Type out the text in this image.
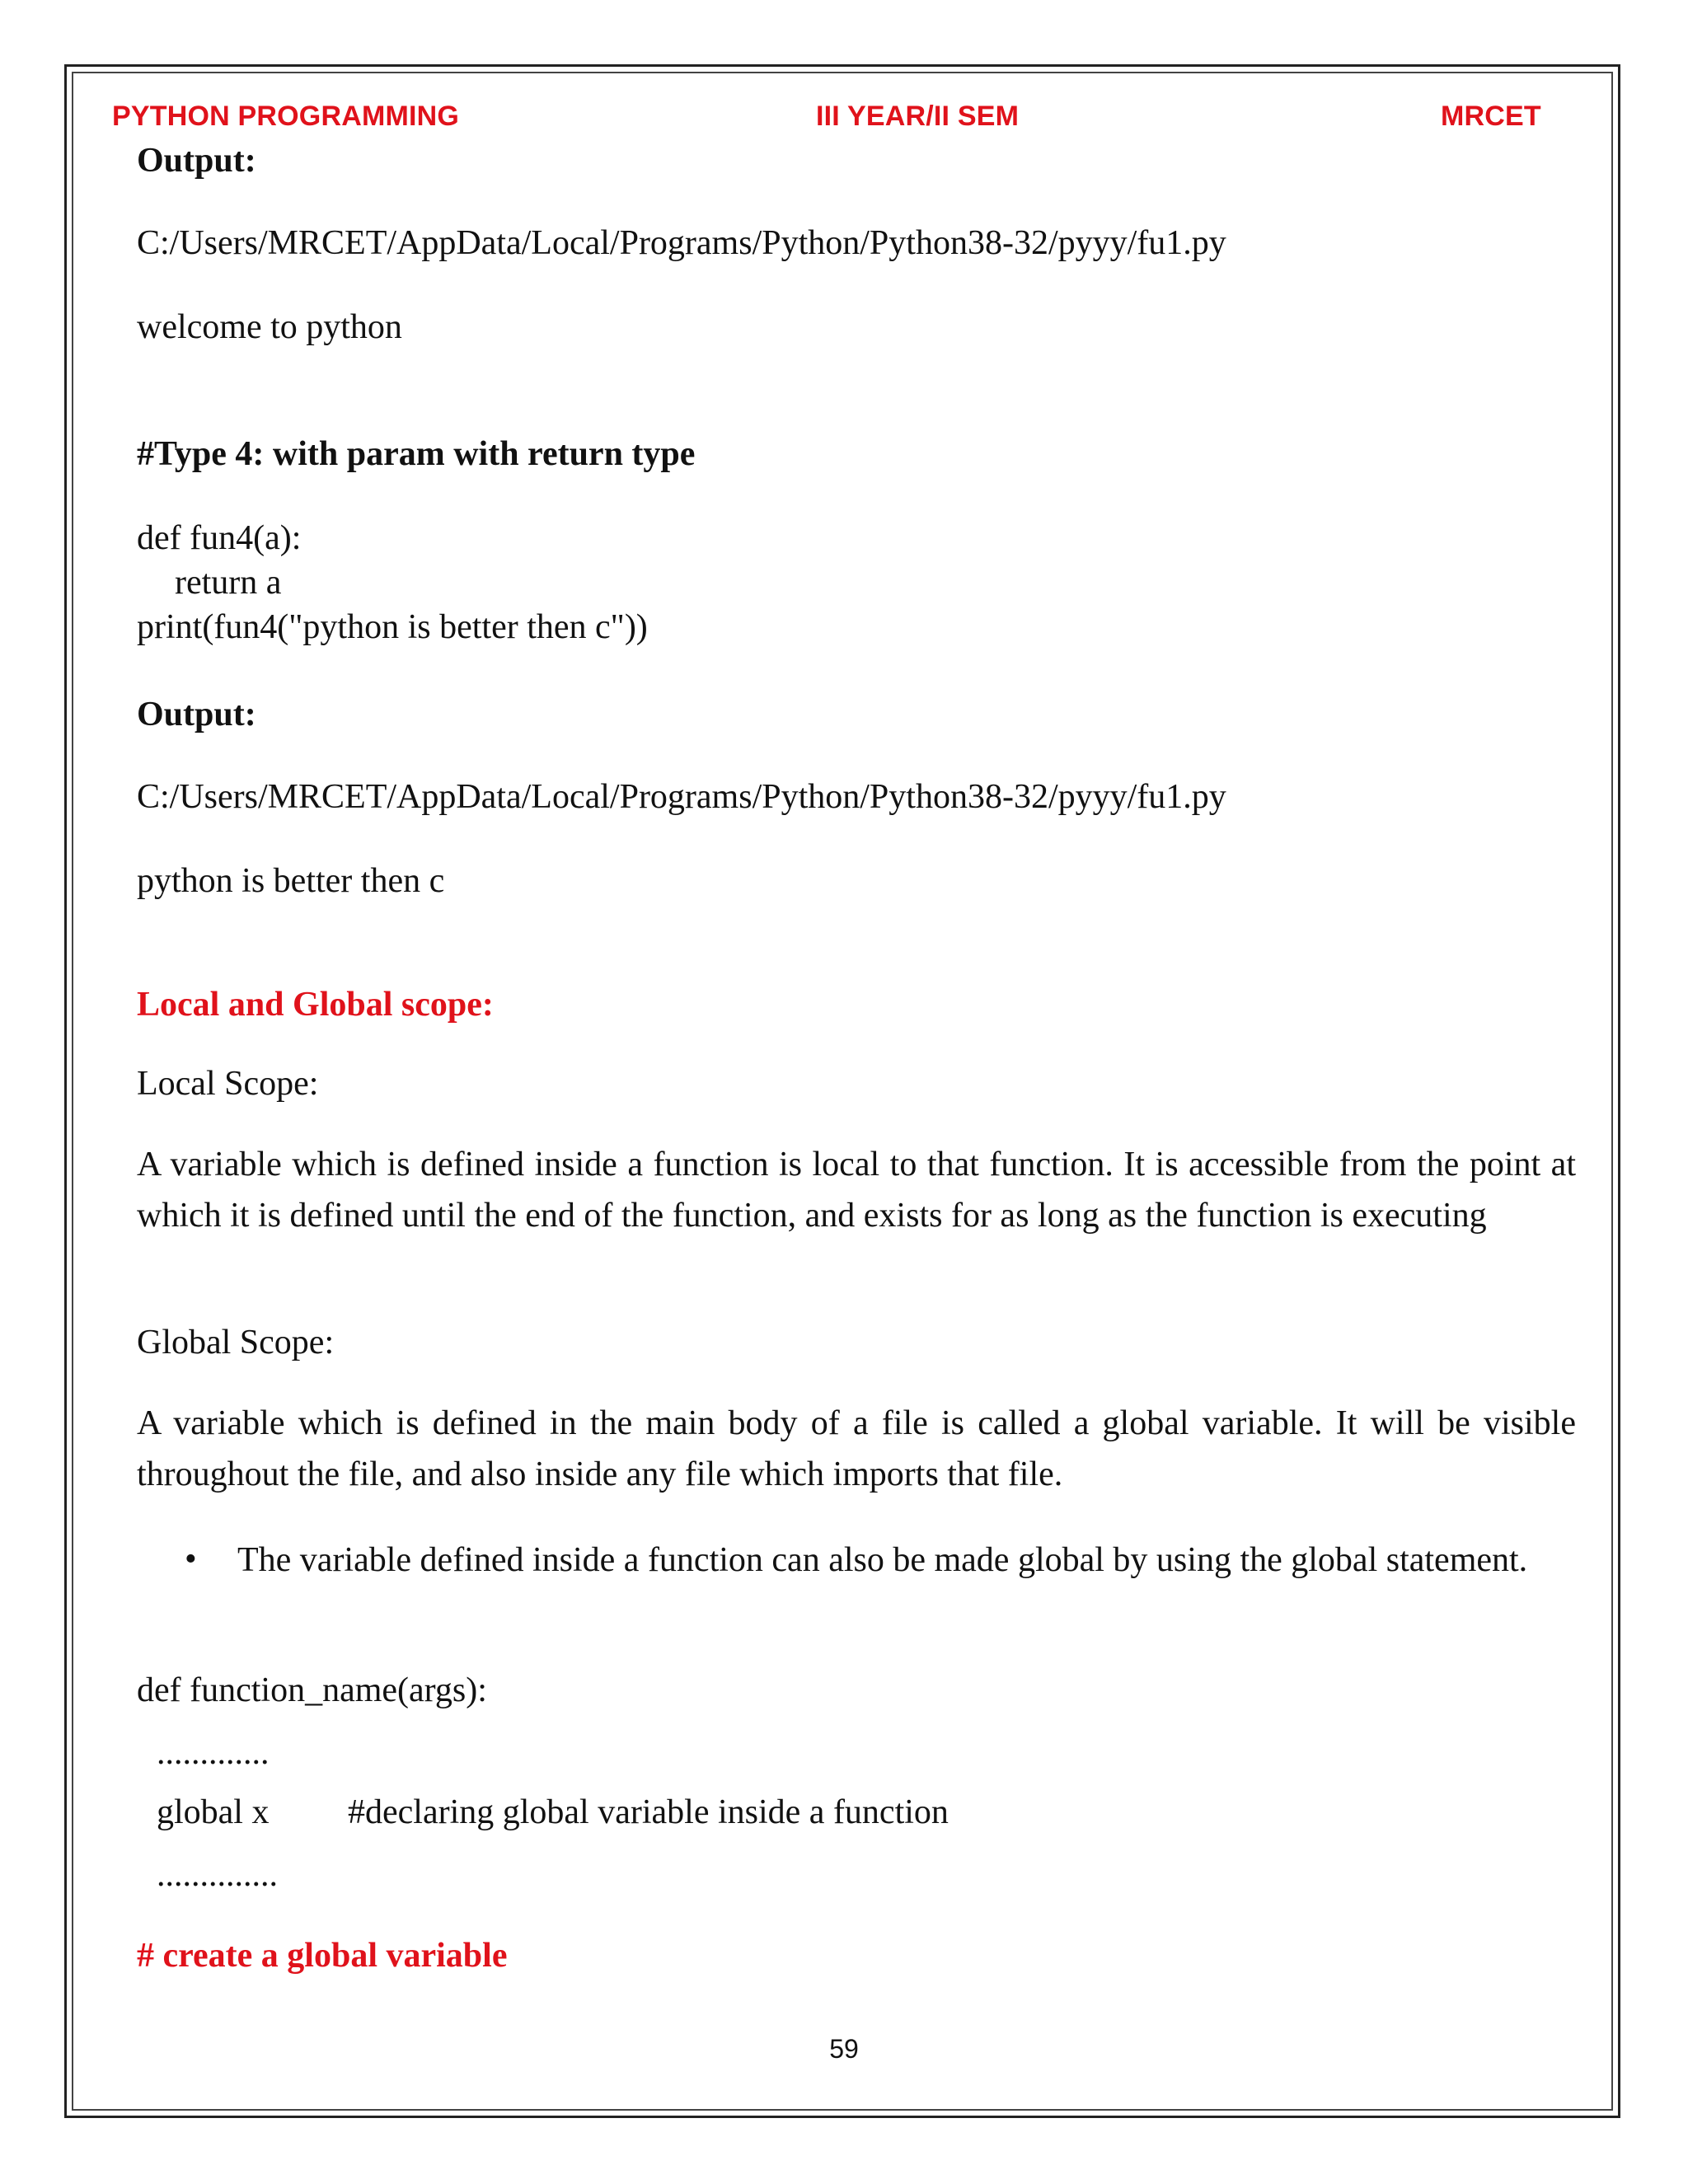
PYTHON PROGRAMMING	III YEAR/II SEM	MRCET
Output:
C:/Users/MRCET/AppData/Local/Programs/Python/Python38-32/pyyy/fu1.py
welcome to python
#Type 4: with param with return type
def fun4(a):
return a
print(fun4("python is better then c"))
Output:
C:/Users/MRCET/AppData/Local/Programs/Python/Python38-32/pyyy/fu1.py
python is better then c
Local and Global scope:
Local Scope:
A variable which is defined inside a function is local to that function. It is accessible from the point at which it is defined until the end of the function, and exists for as long as the function is executing
Global Scope:
A variable which is defined in the main body of a file is called a global variable. It will be visible throughout the file, and also inside any file which imports that file.
• The variable defined inside a function can also be made global by using the global statement.
def function_name(args):
.............
global x #declaring global variable inside a function
..............
# create a global variable
59
